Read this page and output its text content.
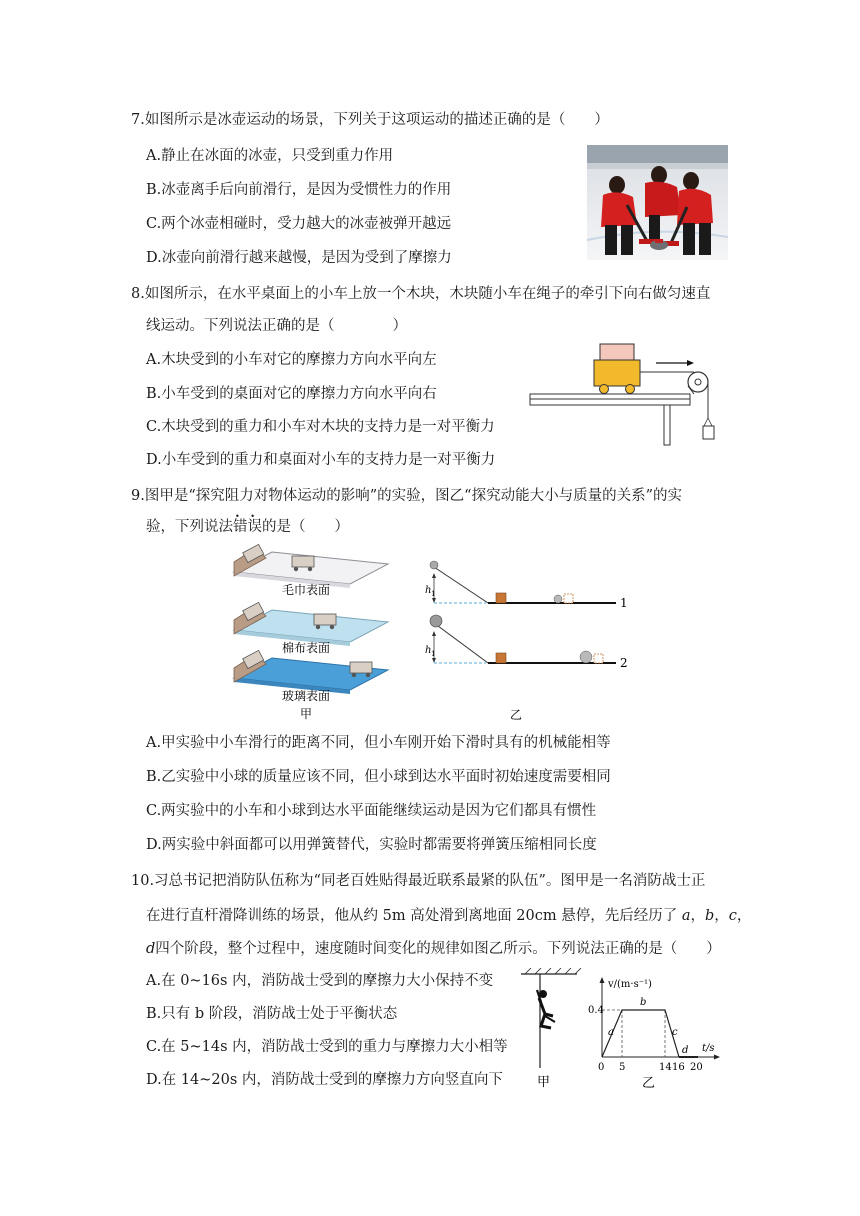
7.如图所示是冰壶运动的场景，下列关于这项运动的描述正确的是（　　）
A.静止在冰面的冰壶，只受到重力作用
B.冰壶离手后向前滑行，是因为受惯性力的作用
C.两个冰壶相碰时，受力越大的冰壶被弹开越远
D.冰壶向前滑行越来越慢，是因为受到了摩擦力
8.如图所示，在水平桌面上的小车上放一个木块，木块随小车在绳子的牵引下向右做匀速直
线运动。下列说法正确的是（　　　　）
A.木块受到的小车对它的摩擦力方向水平向左
B.小车受到的桌面对它的摩擦力方向水平向右
C.木块受到的重力和小车对木块的支持力是一对平衡力
D.小车受到的重力和桌面对小车的支持力是一对平衡力
9.图甲是“探究阻力对物体运动的影响”的实验，图乙“探究动能大小与质量的关系”的实
验，下列说法• • 错误的是（　　）
毛巾表面
棉布表面
玻璃表面
甲
h 1
1
h 1
2
乙
A.甲实验中小车滑行的距离不同，但小车刚开始下滑时具有的机械能相等
B.乙实验中小球的质量应该不同，但小球到达水平面时初始速度需要相同
C.两实验中的小车和小球到达水平面能继续运动是因为它们都具有惯性
D.两实验中斜面都可以用弹簧替代，实验时都需要将弹簧压缩相同长度
10.习总书记把消防队伍称为“同老百姓贴得最近联系最紧的队伍”。图甲是一名消防战士正
在进行直杆滑降训练的场景，他从约 5m 高处滑到离地面 20cm 悬停，先后经历了 a，b，c，
d四个阶段，整个过程中，速度随时间变化的规律如图乙所示。下列说法正确的是（　　）
A.在 0~16s 内，消防战士受到的摩擦力大小保持不变
B.只有 b 阶段，消防战士处于平衡状态
C.在 5~14s 内，消防战士受到的重力与摩擦力大小相等
D.在 14~20s 内，消防战士受到的摩擦力方向竖直向下	甲
v/(m·s⁻¹)
t/s
0.4
a
b
c
d
0 5	14 16 20
乙
